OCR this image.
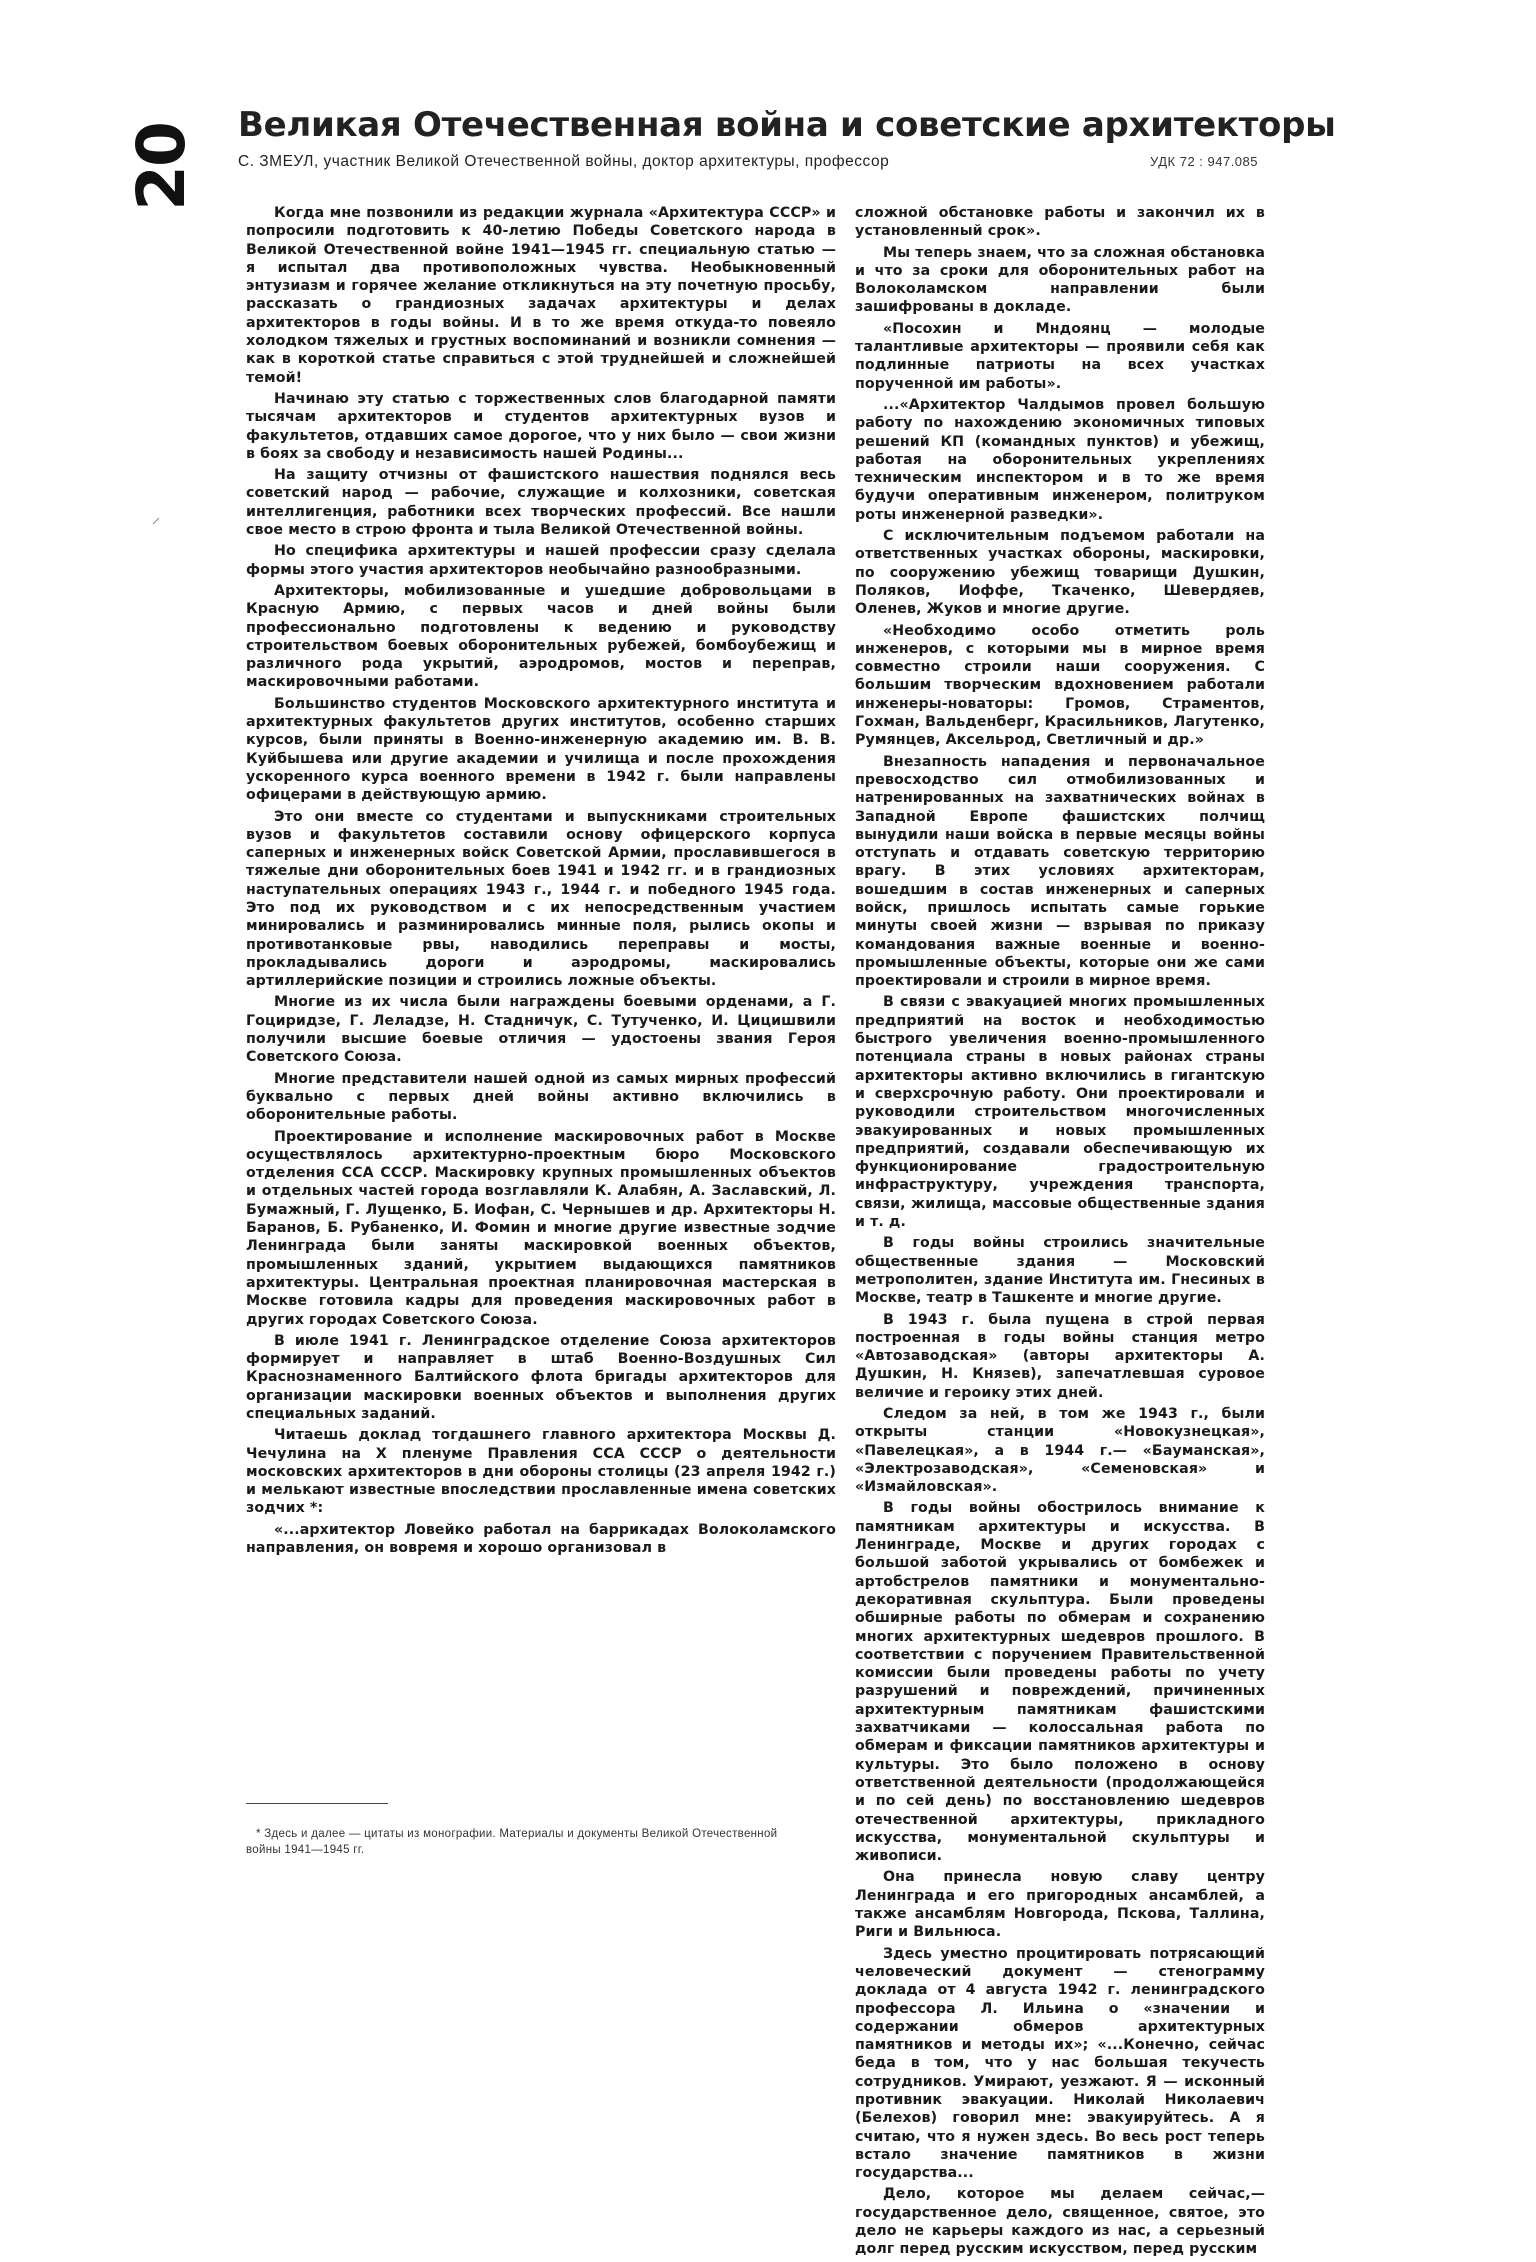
20 Великая Отечественная война и советские архитекторы
С. ЗМЕУЛ, участник Великой Отечественной войны, доктор архитектуры, профессор	УДК 72 : 947.085

Когда мне позвонили из редакции журнала «Архитектура СССР» и попросили подготовить к 40-летию Победы Советского народа в Великой Отечественной войне 1941—1945 гг. специальную статью — я испытал два противоположных чувства. Необыкновенный энтузиазм и горячее желание откликнуться на эту почетную просьбу, рассказать о грандиозных задачах архитектуры и делах архитекторов в годы войны. И в то же время откуда-то повеяло холодком тяжелых и грустных воспоминаний и возникли сомнения — как в короткой статье справиться с этой труднейшей и сложнейшей темой!

Начинаю эту статью с торжественных слов благодарной памяти тысячам архитекторов и студентов архитектурных вузов и факультетов, отдавших самое дорогое, что у них было — свои жизни в боях за свободу и независимость нашей Родины...

На защиту отчизны от фашистского нашествия поднялся весь советский народ — рабочие, служащие и колхозники, советская интеллигенция, работники всех творческих профессий. Все нашли свое место в строю фронта и тыла Великой Отечественной войны.

Но специфика архитектуры и нашей профессии сразу сделала формы этого участия архитекторов необычайно разнообразными.

Архитекторы, мобилизованные и ушедшие добровольцами в Красную Армию, с первых часов и дней войны были профессионально подготовлены к ведению и руководству строительством боевых оборонительных рубежей, бомбоубежищ и различного рода укрытий, аэродромов, мостов и переправ, маскировочными работами.

Большинство студентов Московского архитектурного института и архитектурных факультетов других институтов, особенно старших курсов, были приняты в Военно-инженерную академию им. В. В. Куйбышева или другие академии и училища и после прохождения ускоренного курса военного времени в 1942 г. были направлены офицерами в действующую армию.

Это они вместе со студентами и выпускниками строительных вузов и факультетов составили основу офицерского корпуса саперных и инженерных войск Советской Армии, прославившегося в тяжелые дни оборонительных боев 1941 и 1942 гг. и в грандиозных наступательных операциях 1943 г., 1944 г. и победного 1945 года. Это под их руководством и с их непосредственным участием минировались и разминировались минные поля, рылись окопы и противотанковые рвы, наводились переправы и мосты, прокладывались дороги и аэродромы, маскировались артиллерийские позиции и строились ложные объекты.

Многие из их числа были награждены боевыми орденами, а Г. Гоциридзе, Г. Леладзе, Н. Стадничук, С. Тутученко, И. Цицишвили получили высшие боевые отличия — удостоены звания Героя Советского Союза.

Многие представители нашей одной из самых мирных профессий буквально с первых дней войны активно включились в оборонительные работы.

Проектирование и исполнение маскировочных работ в Москве осуществлялось архитектурно-проектным бюро Московского отделения ССА СССР. Маскировку крупных промышленных объектов и отдельных частей города возглавляли К. Алабян, А. Заславский, Л. Бумажный, Г. Лущенко, Б. Иофан, С. Чернышев и др. Архитекторы Н. Баранов, Б. Рубаненко, И. Фомин и многие другие известные зодчие Ленинграда были заняты маскировкой военных объектов, промышленных зданий, укрытием выдающихся памятников архитектуры. Центральная проектная планировочная мастерская в Москве готовила кадры для проведения маскировочных работ в других городах Советского Союза.

В июле 1941 г. Ленинградское отделение Союза архитекторов формирует и направляет в штаб Военно-Воздушных Сил Краснознаменного Балтийского флота бригады архитекторов для организации маскировки военных объектов и выполнения других специальных заданий.

Читаешь доклад тогдашнего главного архитектора Москвы Д. Чечулина на X пленуме Правления ССА СССР о деятельности московских архитекторов в дни обороны столицы (23 апреля 1942 г.) и мелькают известные впоследствии прославленные имена советских зодчих *:

«...архитектор Ловейко работал на баррикадах Волоколамского направления, он вовремя и хорошо организовал в

сложной обстановке работы и закончил их в установленный срок».

Мы теперь знаем, что за сложная обстановка и что за сроки для оборонительных работ на Волоколамском направлении были зашифрованы в докладе.

«Посохин и Мндоянц — молодые талантливые архитекторы — проявили себя как подлинные патриоты на всех участках порученной им работы».

...«Архитектор Чалдымов провел большую работу по нахождению экономичных типовых решений КП (командных пунктов) и убежищ, работая на оборонительных укреплениях техническим инспектором и в то же время будучи оперативным инженером, политруком роты инженерной разведки».

С исключительным подъемом работали на ответственных участках обороны, маскировки, по сооружению убежищ товарищи Душкин, Поляков, Иоффе, Ткаченко, Шевердяев, Оленев, Жуков и многие другие.

«Необходимо особо отметить роль инженеров, с которыми мы в мирное время совместно строили наши сооружения. С большим творческим вдохновением работали инженеры-новаторы: Громов, Страментов, Гохман, Вальденберг, Красильников, Лагутенко, Румянцев, Аксельрод, Светличный и др.»

Внезапность нападения и первоначальное превосходство сил отмобилизованных и натренированных на захватнических войнах в Западной Европе фашистских полчищ вынудили наши войска в первые месяцы войны отступать и отдавать советскую территорию врагу. В этих условиях архитекторам, вошедшим в состав инженерных и саперных войск, пришлось испытать самые горькие минуты своей жизни — взрывая по приказу командования важные военные и военно-промышленные объекты, которые они же сами проектировали и строили в мирное время.

В связи с эвакуацией многих промышленных предприятий на восток и необходимостью быстрого увеличения военно-промышленного потенциала страны в новых районах страны архитекторы активно включились в гигантскую и сверхсрочную работу. Они проектировали и руководили строительством многочисленных эвакуированных и новых промышленных предприятий, создавали обеспечивающую их функционирование градостроительную инфраструктуру, учреждения транспорта, связи, жилища, массовые общественные здания и т. д.

В годы войны строились значительные общественные здания — Московский метрополитен, здание Института им. Гнесиных в Москве, театр в Ташкенте и многие другие.

В 1943 г. была пущена в строй первая построенная в годы войны станция метро «Автозаводская» (авторы архитекторы А. Душкин, Н. Князев), запечатлевшая суровое величие и героику этих дней.

Следом за ней, в том же 1943 г., были открыты станции «Новокузнецкая», «Павелецкая», а в 1944 г.— «Бауманская», «Электрозаводская», «Семеновская» и «Измайловская».

В годы войны обострилось внимание к памятникам архитектуры и искусства. В Ленинграде, Москве и других городах с большой заботой укрывались от бомбежек и артобстрелов памятники и монументально-декоративная скульптура. Были проведены обширные работы по обмерам и сохранению многих архитектурных шедевров прошлого. В соответствии с поручением Правительственной комиссии были проведены работы по учету разрушений и повреждений, причиненных архитектурным памятникам фашистскими захватчиками — колоссальная работа по обмерам и фиксации памятников архитектуры и культуры. Это было положено в основу ответственной деятельности (продолжающейся и по сей день) по восстановлению шедевров отечественной архитектуры, прикладного искусства, монументальной скульптуры и живописи.

Она принесла новую славу центру Ленинграда и его пригородных ансамблей, а также ансамблям Новгорода, Пскова, Таллина, Риги и Вильнюса.

Здесь уместно процитировать потрясающий человеческий документ — стенограмму доклада от 4 августа 1942 г. ленинградского профессора Л. Ильина о «значении и содержании обмеров архитектурных памятников и методы их»; «...Конечно, сейчас беда в том, что у нас большая текучесть сотрудников. Умирают, уезжают. Я — исконный противник эвакуации. Николай Николаевич (Белехов) говорил мне: эвакуируйтесь. А я считаю, что я нужен здесь. Во весь рост теперь встало значение памятников в жизни государства...

Дело, которое мы делаем сейчас,— государственное дело, священное, святое, это дело не карьеры каждого из нас, а серьезный долг перед русским искусством, перед русским

* Здесь и далее — цитаты из монографии. Материалы и документы Великой Отечественной войны 1941—1945 гг.
